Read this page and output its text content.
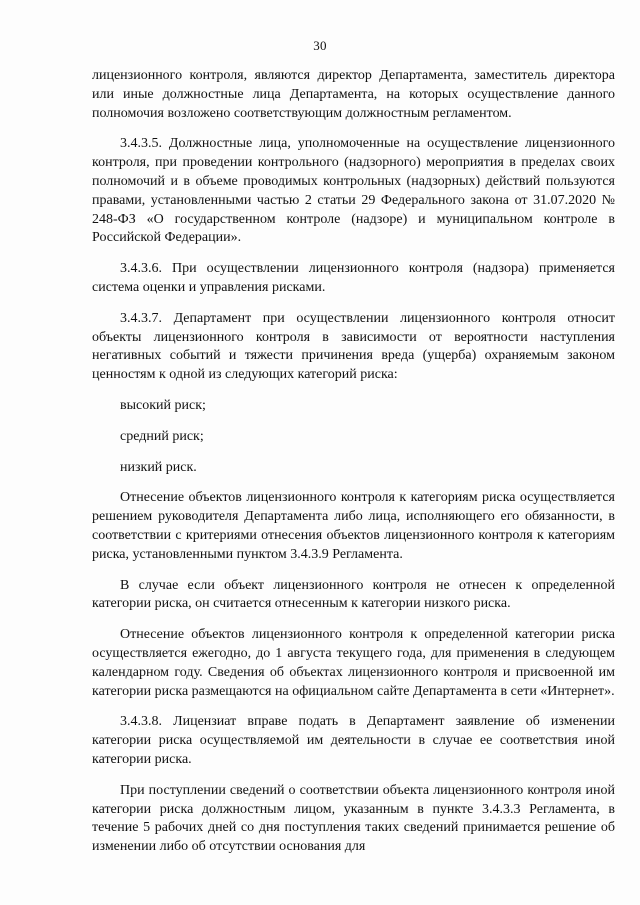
30

лицензионного контроля, являются директор Департамента, заместитель директора или иные должностные лица Департамента, на которых осуществление данного полномочия возложено соответствующим должностным регламентом.

3.4.3.5. Должностные лица, уполномоченные на осуществление лицензионного контроля, при проведении контрольного (надзорного) мероприятия в пределах своих полномочий и в объеме проводимых контрольных (надзорных) действий пользуются правами, установленными частью 2 статьи 29 Федерального закона от 31.07.2020 № 248-ФЗ «О государственном контроле (надзоре) и муниципальном контроле в Российской Федерации».

3.4.3.6. При осуществлении лицензионного контроля (надзора) применяется система оценки и управления рисками.

3.4.3.7. Департамент при осуществлении лицензионного контроля относит объекты лицензионного контроля в зависимости от вероятности наступления негативных событий и тяжести причинения вреда (ущерба) охраняемым законом ценностям к одной из следующих категорий риска:

высокий риск;

средний риск;

низкий риск.

Отнесение объектов лицензионного контроля к категориям риска осуществляется решением руководителя Департамента либо лица, исполняющего его обязанности, в соответствии с критериями отнесения объектов лицензионного контроля к категориям риска, установленными пунктом 3.4.3.9 Регламента.

В случае если объект лицензионного контроля не отнесен к определенной категории риска, он считается отнесенным к категории низкого риска.

Отнесение объектов лицензионного контроля к определенной категории риска осуществляется ежегодно, до 1 августа текущего года, для применения в следующем календарном году. Сведения об объектах лицензионного контроля и присвоенной им категории риска размещаются на официальном сайте Департамента в сети «Интернет».

3.4.3.8. Лицензиат вправе подать в Департамент заявление об изменении категории риска осуществляемой им деятельности в случае ее соответствия иной категории риска.

При поступлении сведений о соответствии объекта лицензионного контроля иной категории риска должностным лицом, указанным в пункте 3.4.3.3 Регламента, в течение 5 рабочих дней со дня поступления таких сведений принимается решение об изменении либо об отсутствии основания для
